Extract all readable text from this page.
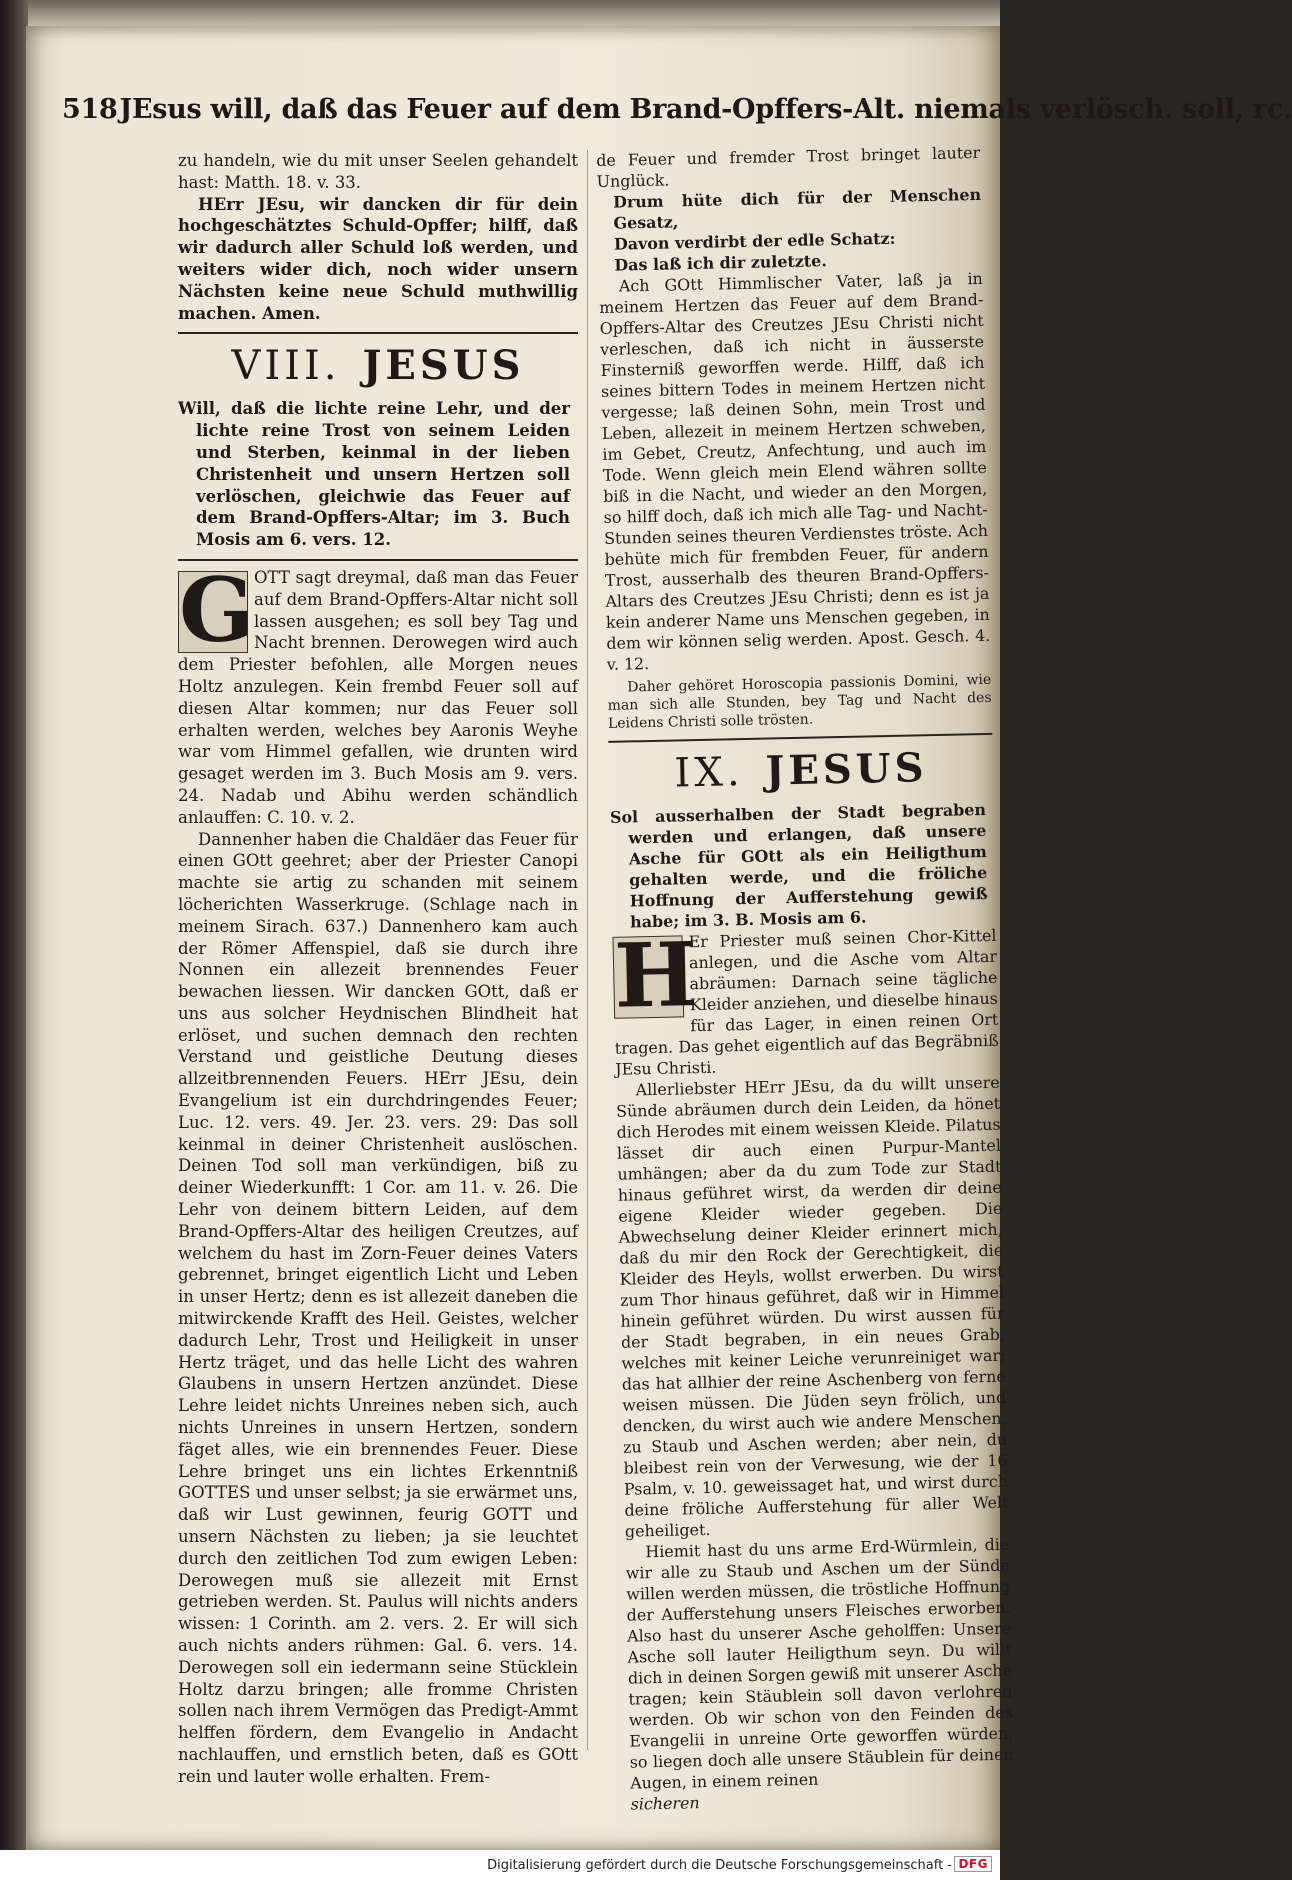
518JEsus will, daß das Feuer auf dem Brand-Opffers-Alt. niemals verlösch. soll, rc.

zu handeln, wie du mit unser Seelen gehandelt hast: Matth. 18. v. 33.

HErr JEsu, wir dancken dir für dein hochgeschätztes Schuld-Opffer; hilff, daß wir dadurch aller Schuld loß werden, und weiters wider dich, noch wider unsern Nächsten keine neue Schuld muthwillig machen. Amen.

VIII. JESUS

Will, daß die lichte reine Lehr, und der lichte reine Trost von seinem Leiden und Sterben, keinmal in der lieben Christenheit und unsern Hertzen soll verlöschen, gleichwie das Feuer auf dem Brand-Opffers-Altar; im 3. Buch Mosis am 6. vers. 12.

G OTT sagt dreymal, daß man das Feuer auf dem Brand-Opffers-Altar nicht soll lassen ausgehen; es soll bey Tag und Nacht brennen. Derowegen wird auch dem Priester befohlen, alle Morgen neues Holtz anzulegen. Kein frembd Feuer soll auf diesen Altar kommen; nur das Feuer soll erhalten werden, welches bey Aaronis Weyhe war vom Himmel gefallen, wie drunten wird gesaget werden im 3. Buch Mosis am 9. vers. 24. Nadab und Abihu werden schändlich anlauffen: C. 10. v. 2.

Dannenher haben die Chaldäer das Feuer für einen GOtt geehret; aber der Priester Canopi machte sie artig zu schanden mit seinem löcherichten Wasserkruge. (Schlage nach in meinem Sirach. 637.) Dannenhero kam auch der Römer Affenspiel, daß sie durch ihre Nonnen ein allezeit brennendes Feuer bewachen liessen. Wir dancken GOtt, daß er uns aus solcher Heydnischen Blindheit hat erlöset, und suchen demnach den rechten Verstand und geistliche Deutung dieses allzeitbrennenden Feuers. HErr JEsu, dein Evangelium ist ein durchdringendes Feuer; Luc. 12. vers. 49. Jer. 23. vers. 29: Das soll keinmal in deiner Christenheit auslöschen. Deinen Tod soll man verkündigen, biß zu deiner Wiederkunfft: 1 Cor. am 11. v. 26. Die Lehr von deinem bittern Leiden, auf dem Brand-Opffers-Altar des heiligen Creutzes, auf welchem du hast im Zorn-Feuer deines Vaters gebrennet, bringet eigentlich Licht und Leben in unser Hertz; denn es ist allezeit daneben die mitwirckende Krafft des Heil. Geistes, welcher dadurch Lehr, Trost und Heiligkeit in unser Hertz träget, und das helle Licht des wahren Glaubens in unsern Hertzen anzündet. Diese Lehre leidet nichts Unreines neben sich, auch nichts Unreines in unsern Hertzen, sondern fäget alles, wie ein brennendes Feuer. Diese Lehre bringet uns ein lichtes Erkenntniß GOTTES und unser selbst; ja sie erwärmet uns, daß wir Lust gewinnen, feurig GOTT und unsern Nächsten zu lieben; ja sie leuchtet durch den zeitlichen Tod zum ewigen Leben: Derowegen muß sie allezeit mit Ernst getrieben werden. St. Paulus will nichts anders wissen: 1 Corinth. am 2. vers. 2. Er will sich auch nichts anders rühmen: Gal. 6. vers. 14. Derowegen soll ein iedermann seine Stücklein Holtz darzu bringen; alle fromme Christen sollen nach ihrem Vermögen das Predigt-Ammt helffen fördern, dem Evangelio in Andacht nachlauffen, und ernstlich beten, daß es GOtt rein und lauter wolle erhalten. Frem-

de Feuer und fremder Trost bringet lauter Unglück.

Drum hüte dich für der Menschen Gesatz,

Davon verdirbt der edle Schatz:

Das laß ich dir zuletzte.

Ach GOtt Himmlischer Vater, laß ja in meinem Hertzen das Feuer auf dem Brand-Opffers-Altar des Creutzes JEsu Christi nicht verleschen, daß ich nicht in äusserste Finsterniß geworffen werde. Hilff, daß ich seines bittern Todes in meinem Hertzen nicht vergesse; laß deinen Sohn, mein Trost und Leben, allezeit in meinem Hertzen schweben, im Gebet, Creutz, Anfechtung, und auch im Tode. Wenn gleich mein Elend währen sollte biß in die Nacht, und wieder an den Morgen, so hilff doch, daß ich mich alle Tag- und Nacht-Stunden seines theuren Verdienstes tröste. Ach behüte mich für frembden Feuer, für andern Trost, ausserhalb des theuren Brand-Opffers-Altars des Creutzes JEsu Christi; denn es ist ja kein anderer Name uns Menschen gegeben, in dem wir können selig werden. Apost. Gesch. 4. v. 12.

Daher gehöret Horoscopia passionis Domini, wie man sich alle Stunden, bey Tag und Nacht des Leidens Christi solle trösten.

IX. JESUS

Sol ausserhalben der Stadt begraben werden und erlangen, daß unsere Asche für GOtt als ein Heiligthum gehalten werde, und die fröliche Hoffnung der Aufferstehung gewiß habe; im 3. B. Mosis am 6.

H

Er Priester muß seinen Chor-Kittel anlegen, und die Asche vom Altar abräumen: Darnach seine tägliche Kleider anziehen, und dieselbe hinaus für das Lager, in einen reinen Ort tragen. Das gehet eigentlich auf das Begräbniß JEsu Christi.

Allerliebster HErr JEsu, da du willt unsere Sünde abräumen durch dein Leiden, da hönet dich Herodes mit einem weissen Kleide. Pilatus lässet dir auch einen Purpur-Mantel umhängen; aber da du zum Tode zur Stadt hinaus geführet wirst, da werden dir deine eigene Kleider wieder gegeben. Die Abwechselung deiner Kleider erinnert mich, daß du mir den Rock der Gerechtigkeit, die Kleider des Heyls, wollst erwerben. Du wirst zum Thor hinaus geführet, daß wir in Himmel hinein geführet würden. Du wirst aussen für der Stadt begraben, in ein neues Grab, welches mit keiner Leiche verunreiniget war; das hat allhier der reine Aschenberg von ferne weisen müssen. Die Jüden seyn frölich, und dencken, du wirst auch wie andere Menschen, zu Staub und Aschen werden; aber nein, du bleibest rein von der Verwesung, wie der 16 Psalm, v. 10. geweissaget hat, und wirst durch deine fröliche Aufferstehung für aller Welt geheiliget.

Hiemit hast du uns arme Erd-Würmlein, die wir alle zu Staub und Aschen um der Sünde willen werden müssen, die tröstliche Hoffnung der Aufferstehung unsers Fleisches erworben. Also hast du unserer Asche geholffen: Unsere Asche soll lauter Heiligthum seyn. Du willt dich in deinen Sorgen gewiß mit unserer Asche tragen; kein Stäublein soll davon verlohren werden. Ob wir schon von den Feinden des Evangelii in unreine Orte geworffen würden, so liegen doch alle unsere Stäublein für deinen Augen, in einem reinen

sicheren

Digitalisierung gefördert durch die Deutsche Forschungsgemeinschaft - DFG
